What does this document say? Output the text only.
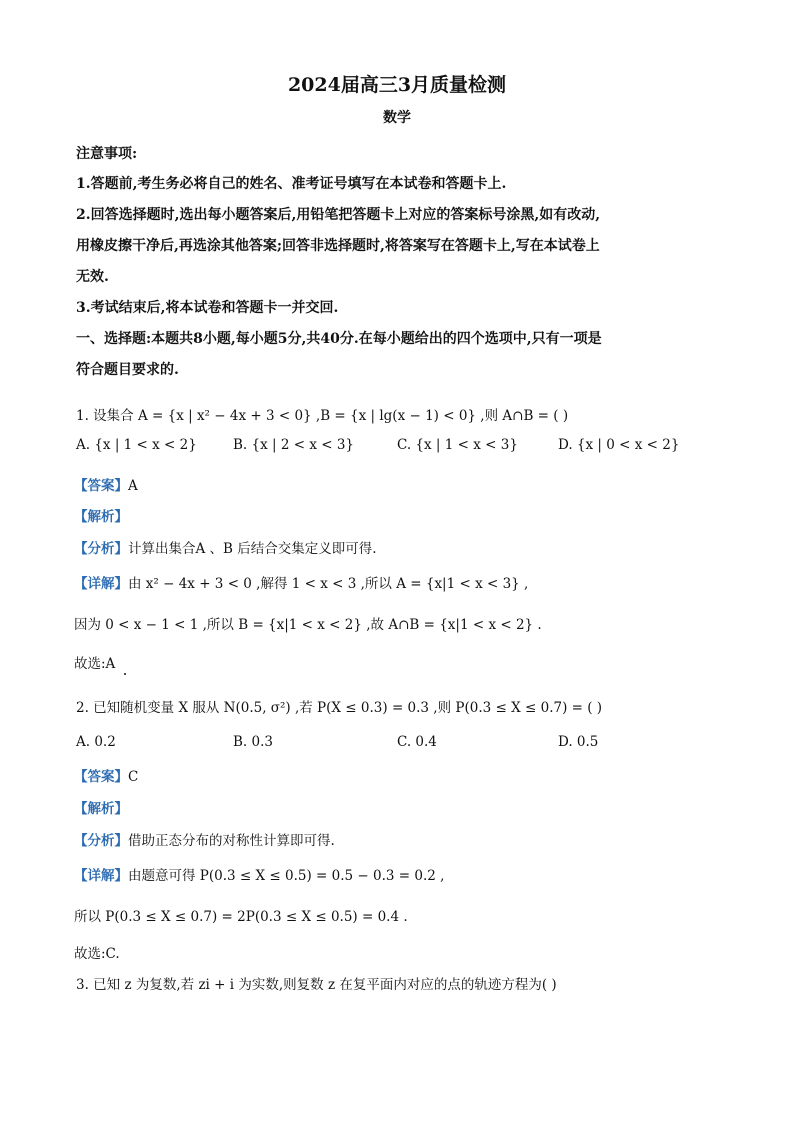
2024届高三3月质量检测
数学
注意事项:
1.答题前,考生务必将自己的姓名、准考证号填写在本试卷和答题卡上.
2.回答选择题时,选出每小题答案后,用铅笔把答题卡上对应的答案标号涂黑,如有改动,
用橡皮擦干净后,再选涂其他答案;回答非选择题时,将答案写在答题卡上,写在本试卷上
无效.
3.考试结束后,将本试卷和答题卡一并交回.
一、选择题:本题共8小题,每小题5分,共40分.在每小题给出的四个选项中,只有一项是
符合题目要求的.
1. 设集合 A = {x | x² − 4x + 3 < 0} ,B = {x | lg(x − 1) < 0} ,则 A∩B = ( )
A. {x | 1 < x < 2}	B. {x | 2 < x < 3}	C. {x | 1 < x < 3}	D. {x | 0 < x < 2}
【答案】A
【解析】
【分析】计算出集合A 、B 后结合交集定义即可得.
【详解】由 x² − 4x + 3 < 0 ,解得 1 < x < 3 ,所以 A = {x|1 < x < 3} ,
因为 0 < x − 1 < 1 ,所以 B = {x|1 < x < 2} ,故 A∩B = {x|1 < x < 2} .
故选:A
2. 已知随机变量 X 服从 N(0.5, σ²) ,若 P(X ≤ 0.3) = 0.3 ,则 P(0.3 ≤ X ≤ 0.7) = ( )
A. 0.2	B. 0.3	C. 0.4	D. 0.5
【答案】C
【解析】
【分析】借助正态分布的对称性计算即可得.
【详解】由题意可得 P(0.3 ≤ X ≤ 0.5) = 0.5 − 0.3 = 0.2 ,
所以 P(0.3 ≤ X ≤ 0.7) = 2P(0.3 ≤ X ≤ 0.5) = 0.4 .
故选:C.
3. 已知 z 为复数,若 zi + i 为实数,则复数 z 在复平面内对应的点的轨迹方程为( )
